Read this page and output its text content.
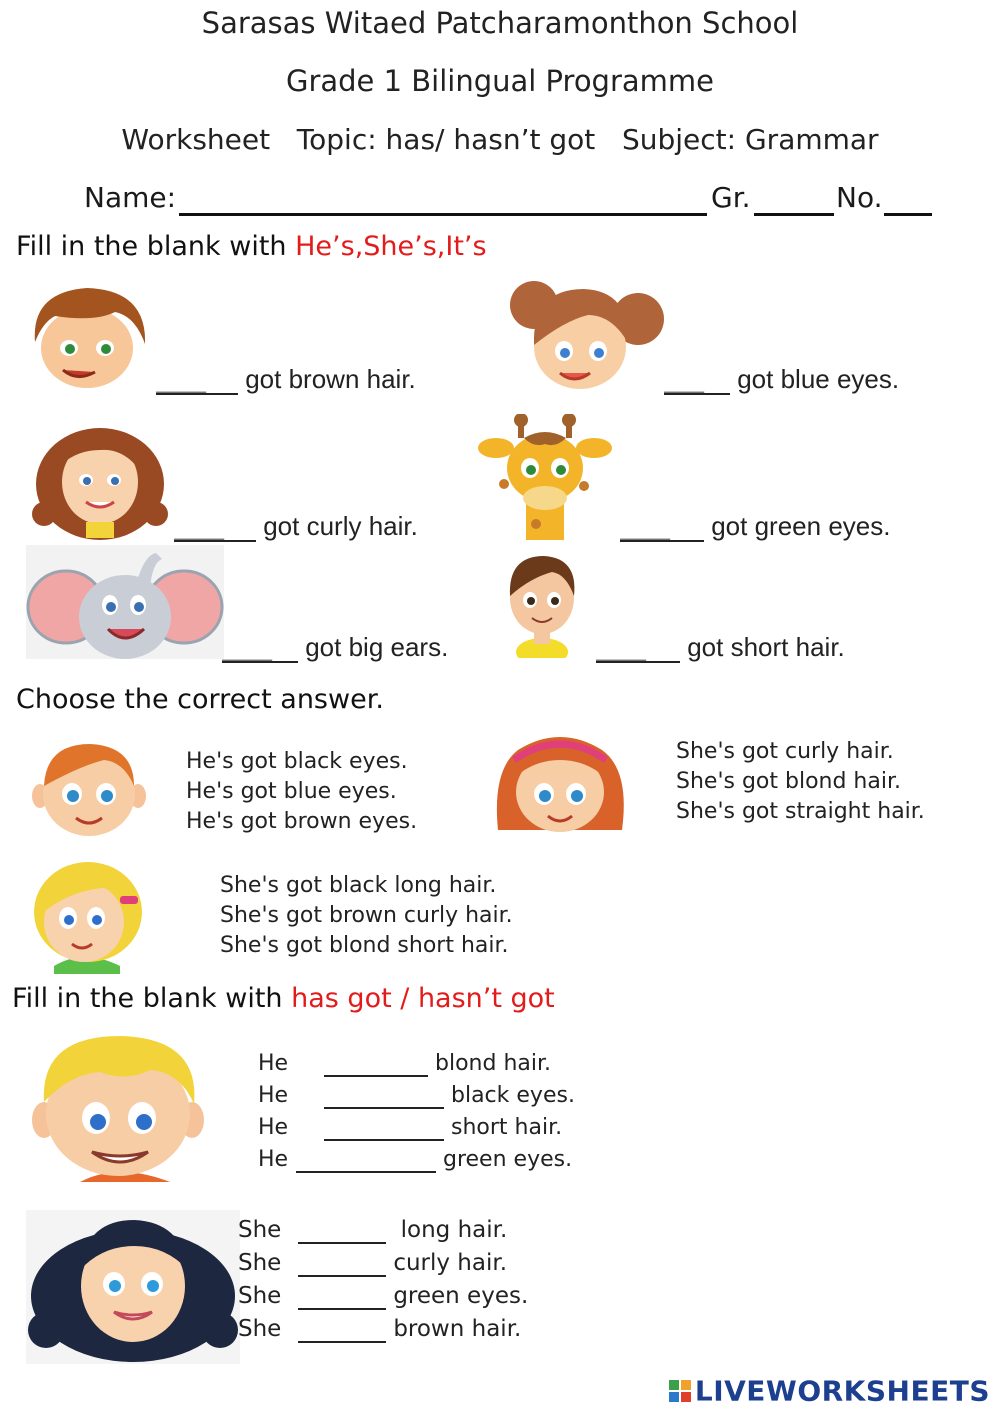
Sarasas Witaed Patcharamonthon School
Grade 1 Bilingual Programme
Worksheet   Topic: has/ hasn’t got   Subject: Grammar
Name:	Gr.	No.
Fill in the blank with He’s,She’s,It’s
_____ got brown hair.
____	got blue eyes.
_____ got curly hair.
_____	got green eyes.
_____ got big ears.
_____	got short hair.
Choose the correct answer.
He's got black eyes.
He's got blue eyes.
He's got brown eyes.
She's got curly hair.
She's got blond hair.
She's got straight hair.
She's got black long hair.
She's got brown curly hair.
She's got blond short hair.
Fill in the blank with has got / hasn’t got
He	blond hair.
He	black eyes.
He	short hair.
He	green eyes.
She	long hair.
She	curly hair.
She	green eyes.
She	brown hair.
LIVEWORKSHEETS
